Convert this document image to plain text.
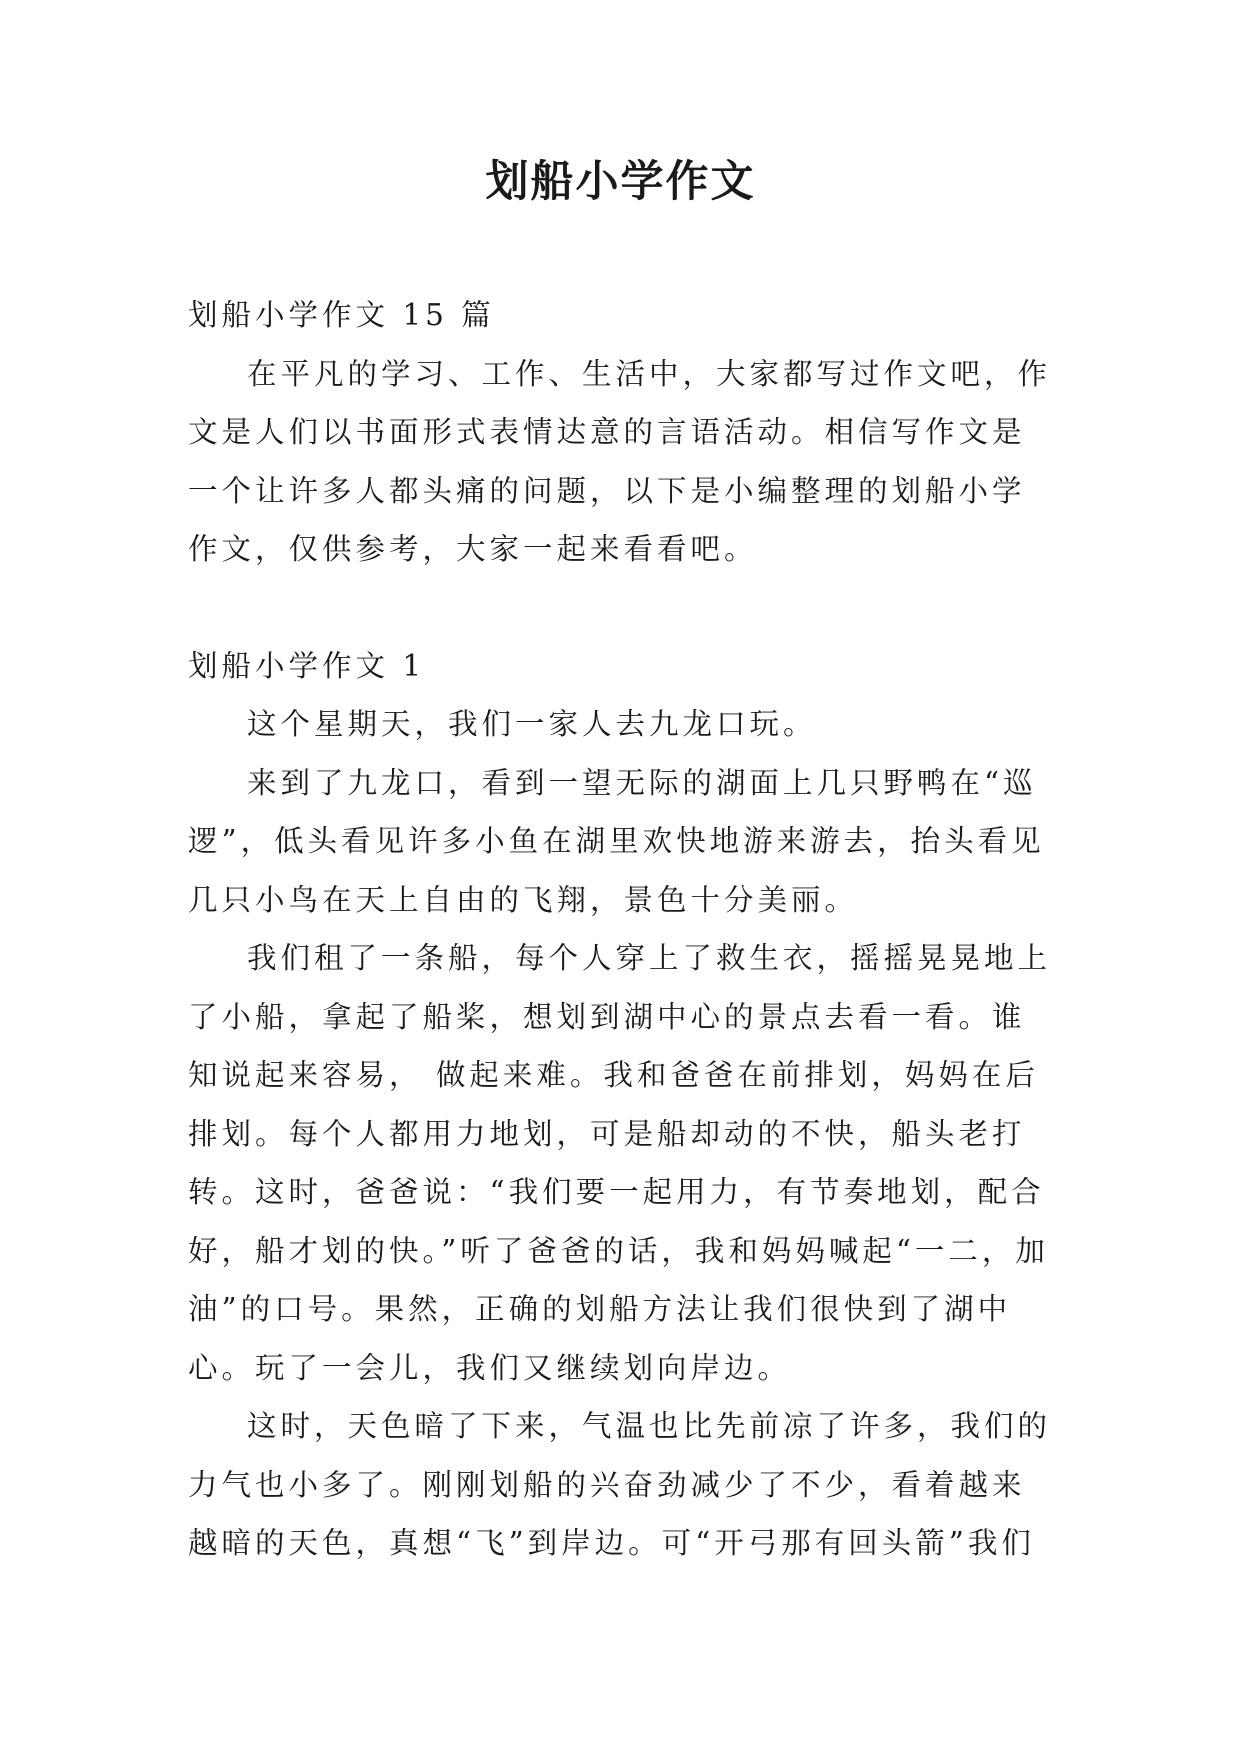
划船小学作文

划船小学作文 15 篇

在平凡的学习、工作、生活中，大家都写过作文吧，作文是人们以书面形式表情达意的言语活动。相信写作文是一个让许多人都头痛的问题，以下是小编整理的划船小学作文，仅供参考，大家一起来看看吧。

划船小学作文 1

这个星期天，我们一家人去九龙口玩。

来到了九龙口，看到一望无际的湖面上几只野鸭在“巡逻”，低头看见许多小鱼在湖里欢快地游来游去，抬头看见几只小鸟在天上自由的飞翔，景色十分美丽。

我们租了一条船，每个人穿上了救生衣，摇摇晃晃地上了小船，拿起了船桨，想划到湖中心的景点去看一看。谁知说起来容易， 做起来难。我和爸爸在前排划，妈妈在后排划。每个人都用力地划，可是船却动的不快，船头老打转。这时，爸爸说：“我们要一起用力，有节奏地划，配合好，船才划的快。”听了爸爸的话，我和妈妈喊起“一二，加油”的口号。果然，正确的划船方法让我们很快到了湖中心。玩了一会儿，我们又继续划向岸边。

这时，天色暗了下来，气温也比先前凉了许多，我们的力气也小多了。刚刚划船的兴奋劲减少了不少，看着越来越暗的天色，真想“飞”到岸边。可“开弓那有回头箭”我们
